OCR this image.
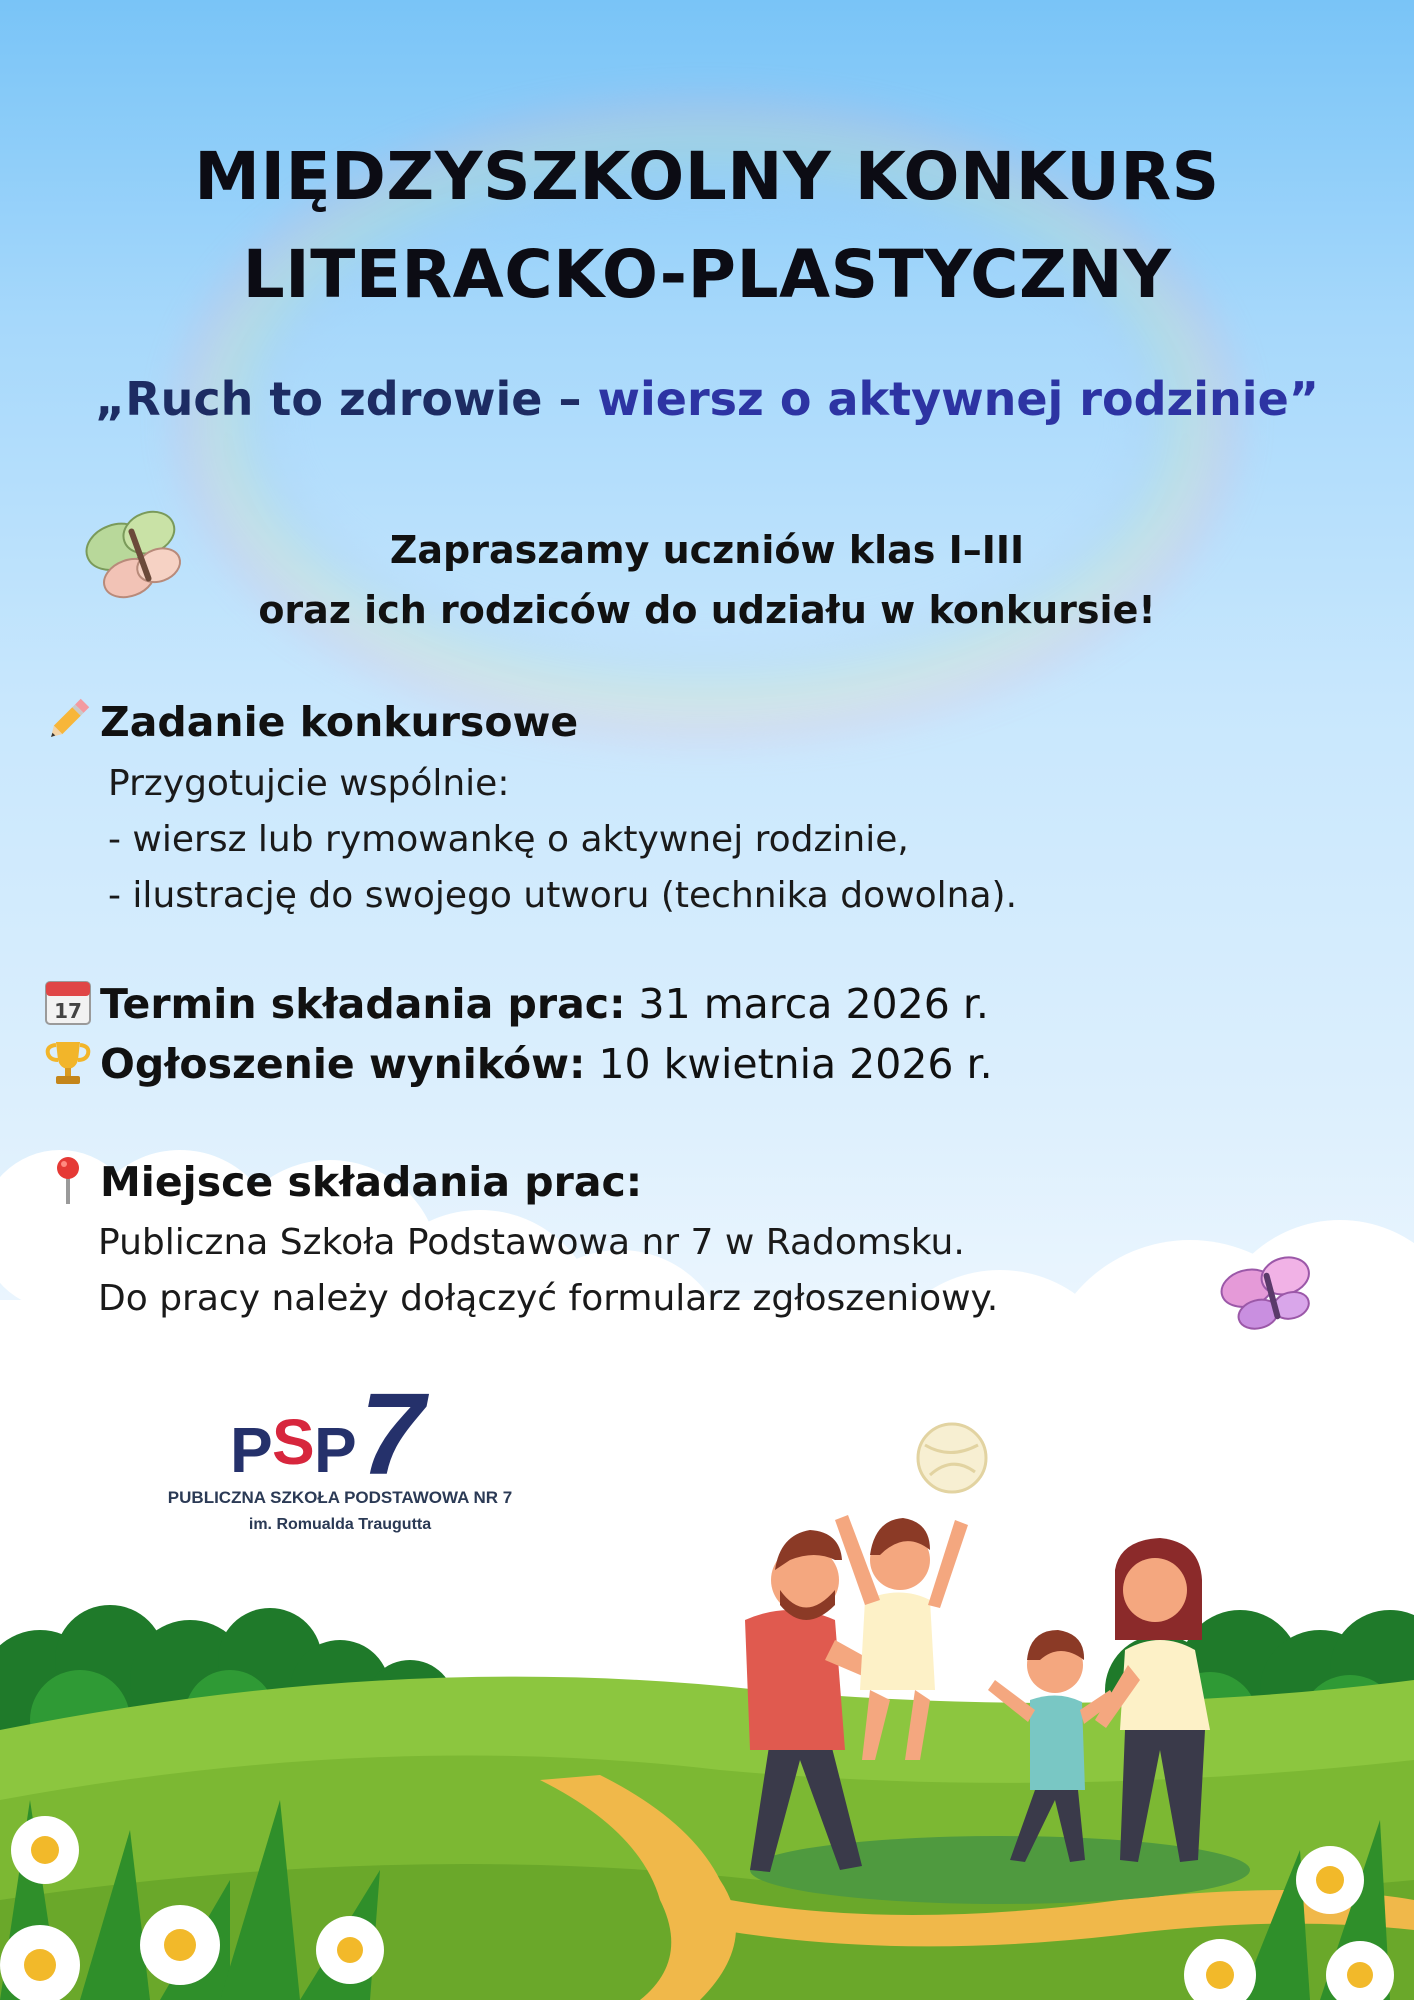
MIĘDZYSZKOLNY KONKURS
LITERACKO-PLASTYCZNY
„Ruch to zdrowie – wiersz o aktywnej rodzinie”
Zapraszamy uczniów klas I–III
oraz ich rodziców do udziału w konkursie!
Zadanie konkursowe
Przygotujcie wspólnie:
- wiersz lub rymowankę o aktywnej rodzinie,
- ilustrację do swojego utworu (technika dowolna).
17 Termin składania prac: 31 marca 2026 r.
Ogłoszenie wyników: 10 kwietnia 2026 r.
Miejsce składania prac:
Publiczna Szkoła Podstawowa nr 7 w Radomsku.
Do pracy należy dołączyć formularz zgłoszeniowy.
P S P 7
PUBLICZNA SZKOŁA PODSTAWOWA NR 7
im. Romualda Traugutta
